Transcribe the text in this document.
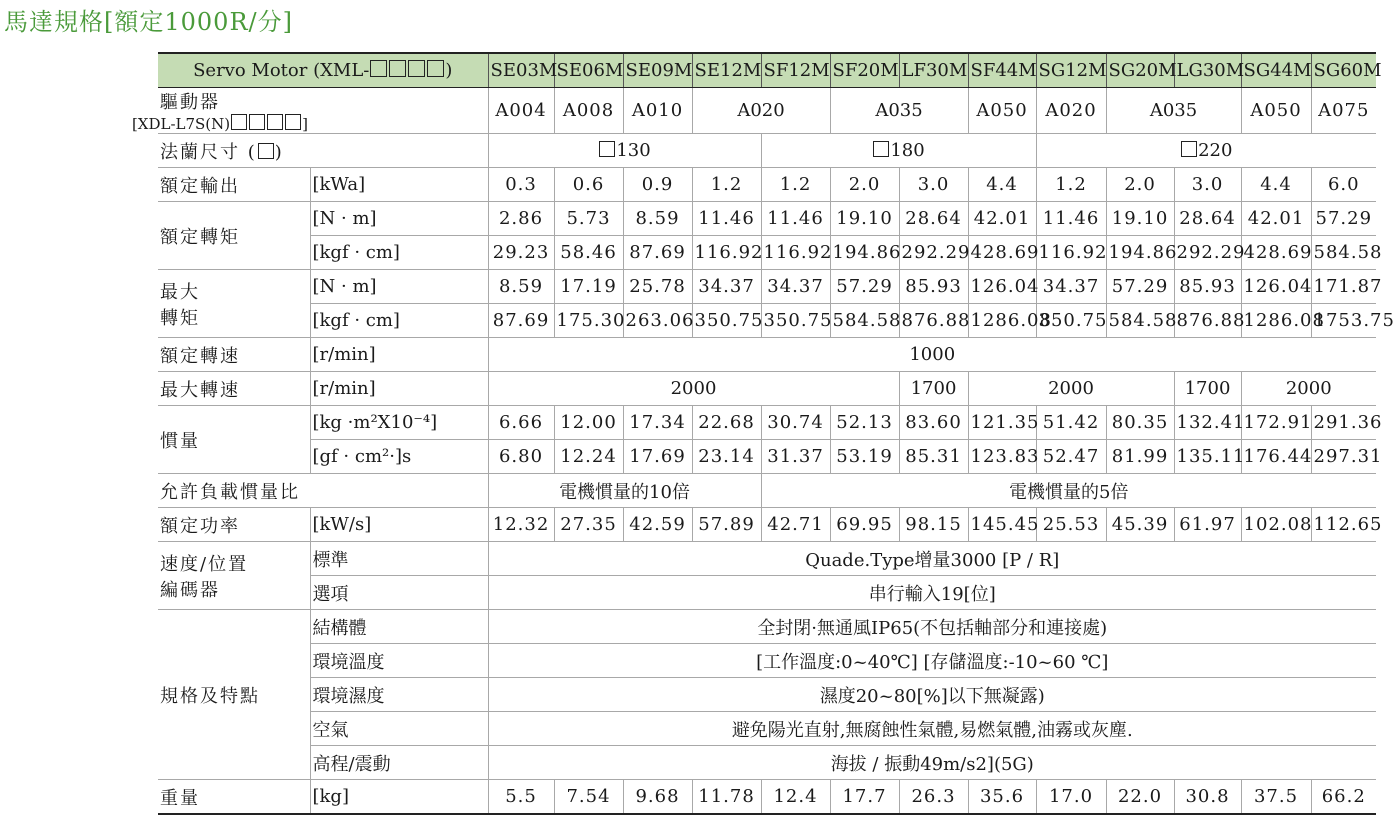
馬達規格[額定1000R/分]
Servo Motor (XML- )		SE03M	SE06M	SE09M	SE12M	SF12M	SF20M	LF30M	SF44M	SG12M	SG20M	LG30M	SG44M	SG60M
驅動器
[XDL-L7S(N) ]		A004	A008	A010	A020		A035		A050	A020	A035		A050	A075
法蘭尺寸 ( )		130				180				220				
額定輸出	[kWa]	0.3	0.6	0.9	1.2	1.2	2.0	3.0	4.4	1.2	2.0	3.0	4.4	6.0
額定轉矩	[N · m]	2.86	5.73	8.59	11.46	11.46	19.10	28.64	42.01	11.46	19.10	28.64	42.01	57.29
	[kgf · cm]	29.23	58.46	87.69	116.92	116.92	194.86	292.29	428.69	116.92	194.86	292.29	428.69	584.58
最大
轉矩	[N · m]	8.59	17.19	25.78	34.37	34.37	57.29	85.93	126.04	34.37	57.29	85.93	126.04	171.87
	[kgf · cm]	87.69	175.30	263.06	350.75	350.75	584.58	876.88	1286.08	350.75	584.58	876.88	1286.08	1753.75
額定轉速	[r/min]	1000												
最大轉速	[r/min]	2000						1700	2000			1700	2000	
慣量	[kg ·m²X10⁻⁴]	6.66	12.00	17.34	22.68	30.74	52.13	83.60	121.35	51.42	80.35	132.41	172.91	291.36
	[gf · cm²·]s	6.80	12.24	17.69	23.14	31.37	53.19	85.31	123.83	52.47	81.99	135.11	176.44	297.31
允許負載慣量比		電機慣量的10倍				電機慣量的5倍								
額定功率	[kW/s]	12.32	27.35	42.59	57.89	42.71	69.95	98.15	145.45	25.53	45.39	61.97	102.08	112.65
速度/位置
編碼器	標準	Quade.Type增量3000 [P / R]												
	選項	串行輸入19[位]												
規格及特點	結構體	全封閉·無通風IP65(不包括軸部分和連接處)												
	環境溫度	[工作溫度:0~40℃] [存儲溫度:-10~60 ℃]												
	環境濕度	濕度20~80[%]以下無凝露)												
	空氣	避免陽光直射,無腐蝕性氣體,易燃氣體,油霧或灰塵.												
	高程/震動	海拔 / 振動49m/s2](5G)												
重量	[kg]	5.5	7.54	9.68	11.78	12.4	17.7	26.3	35.6	17.0	22.0	30.8	37.5	66.2
